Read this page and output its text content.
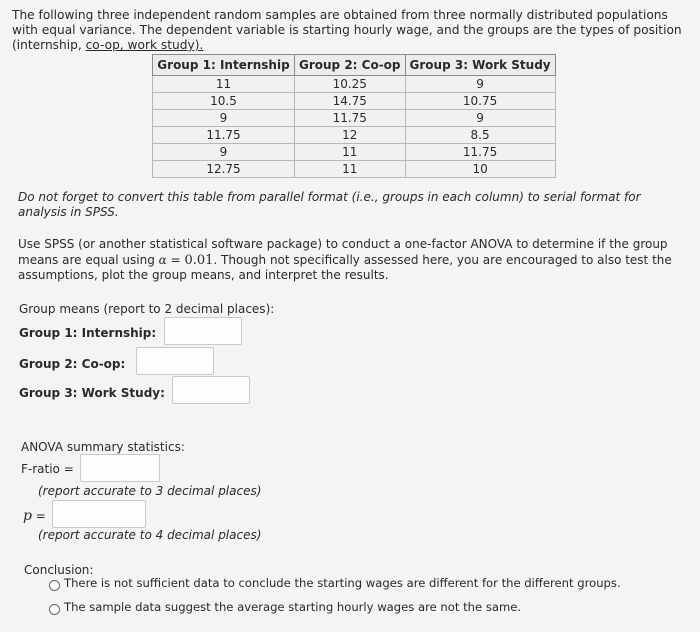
The following three independent random samples are obtained from three normally distributed populations with equal variance. The dependent variable is starting hourly wage, and the groups are the types of position (internship, co-op, work study).

Group 1: Internship	Group 2: Co-op	Group 3: Work Study
11	10.25	9
10.5	14.75	10.75
9	11.75	9
11.75	12	8.5
9	11	11.75
12.75	11	10

Do not forget to convert this table from parallel format (i.e., groups in each column) to serial format for analysis in SPSS.

Use SPSS (or another statistical software package) to conduct a one-factor ANOVA to determine if the group means are equal using α = 0.01. Though not specifically assessed here, you are encouraged to also test the assumptions, plot the group means, and interpret the results.

Group means (report to 2 decimal places):
Group 1: Internship:
Group 2: Co-op:
Group 3: Work Study:
ANOVA summary statistics:
F-ratio =
(report accurate to 3 decimal places)
p =
(report accurate to 4 decimal places)
Conclusion:
There is not sufficient data to conclude the starting wages are different for the different groups.
The sample data suggest the average starting hourly wages are not the same.
